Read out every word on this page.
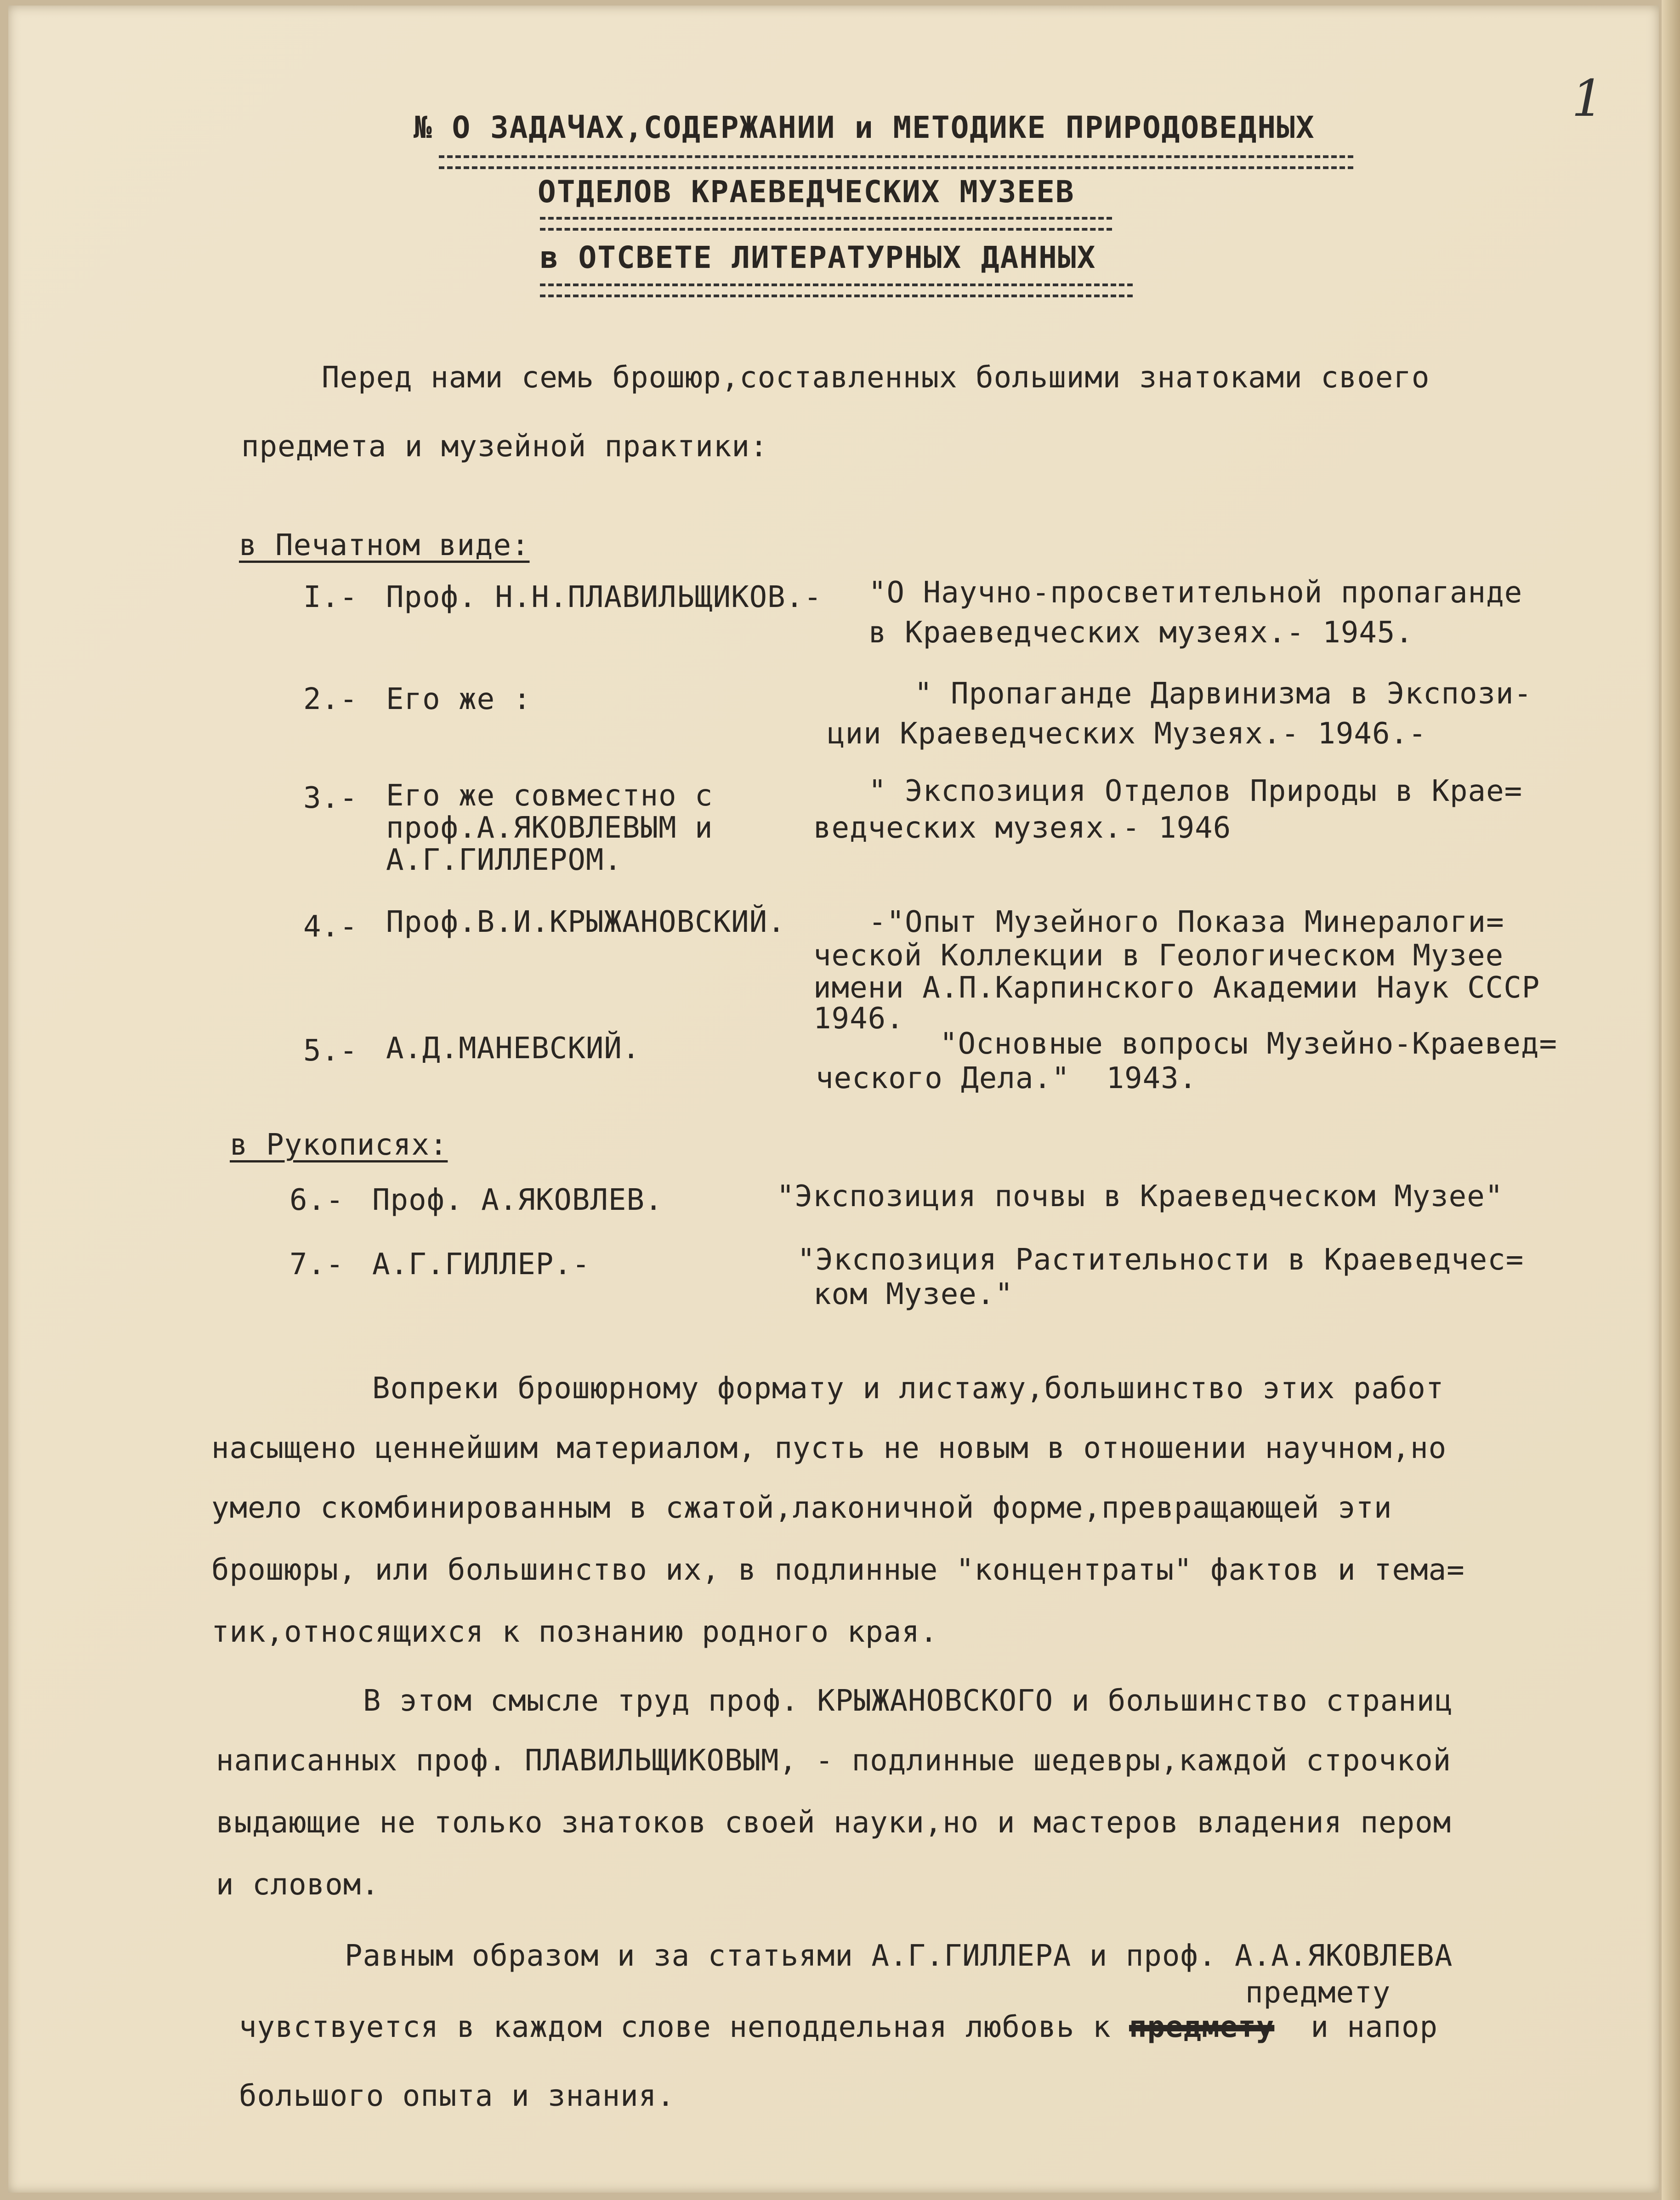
1
№ О ЗАДАЧАХ,СОДЕРЖАНИИ и МЕТОДИКЕ ПРИРОДОВЕДНЫХ
ОТДЕЛОВ КРАЕВЕДЧЕСКИХ МУЗЕЕВ
в ОТСВЕТЕ ЛИТЕРАТУРНЫХ ДАННЫХ
Перед нами семь брошюр,составленных большими знатоками своего
предмета и музейной практики:
в Печатном виде:
I.- Проф. Н.Н.ПЛАВИЛЬЩИКОВ.- "О Научно-просветительной пропаганде
в Краеведческих музеях.- 1945.
2.- Его же :	" Пропаганде Дарвинизма в Экспози-
ции Краеведческих Музеях.- 1946.-
3.- Его же совместно с
проф.А.ЯКОВЛЕВЫМ и
А.Г.ГИЛЛЕРОМ.
" Экспозиция Отделов Природы в Крае=
ведческих музеях.- 1946
4.- Проф.В.И.КРЫЖАНОВСКИЙ.	-"Опыт Музейного Показа Минералоги=
ческой Коллекции в Геологическом Музее
имени А.П.Карпинского Академии Наук СССР
1946.
5.- А.Д.МАНЕВСКИЙ.	"Основные вопросы Музейно-Краевед=
ческого Дела."  1943.
в Рукописях:
6.- Проф. А.ЯКОВЛЕВ.	"Экспозиция почвы в Краеведческом Музее"
7.- А.Г.ГИЛЛЕР.-	"Экспозиция Растительности в Краеведчес=
ком Музее."
Вопреки брошюрному формату и листажу,большинство этих работ
насыщено ценнейшим материалом, пусть не новым в отношении научном,но
умело скомбинированным в сжатой,лаконичной форме,превращающей эти
брошюры, или большинство их, в подлинные "концентраты" фактов и тема=
тик,относящихся к познанию родного края.
В этом смысле труд проф. КРЫЖАНОВСКОГО и большинство страниц
написанных проф. ПЛАВИЛЬЩИКОВЫМ, - подлинные шедевры,каждой строчкой
выдающие не только знатоков своей науки,но и мастеров владения пером
и словом.
Равным образом и за статьями А.Г.ГИЛЛЕРА и проф. А.А.ЯКОВЛЕВА
предмету
чувствуется в каждом слове неподдельная любовь к предмету  и напор
большого опыта и знания.
